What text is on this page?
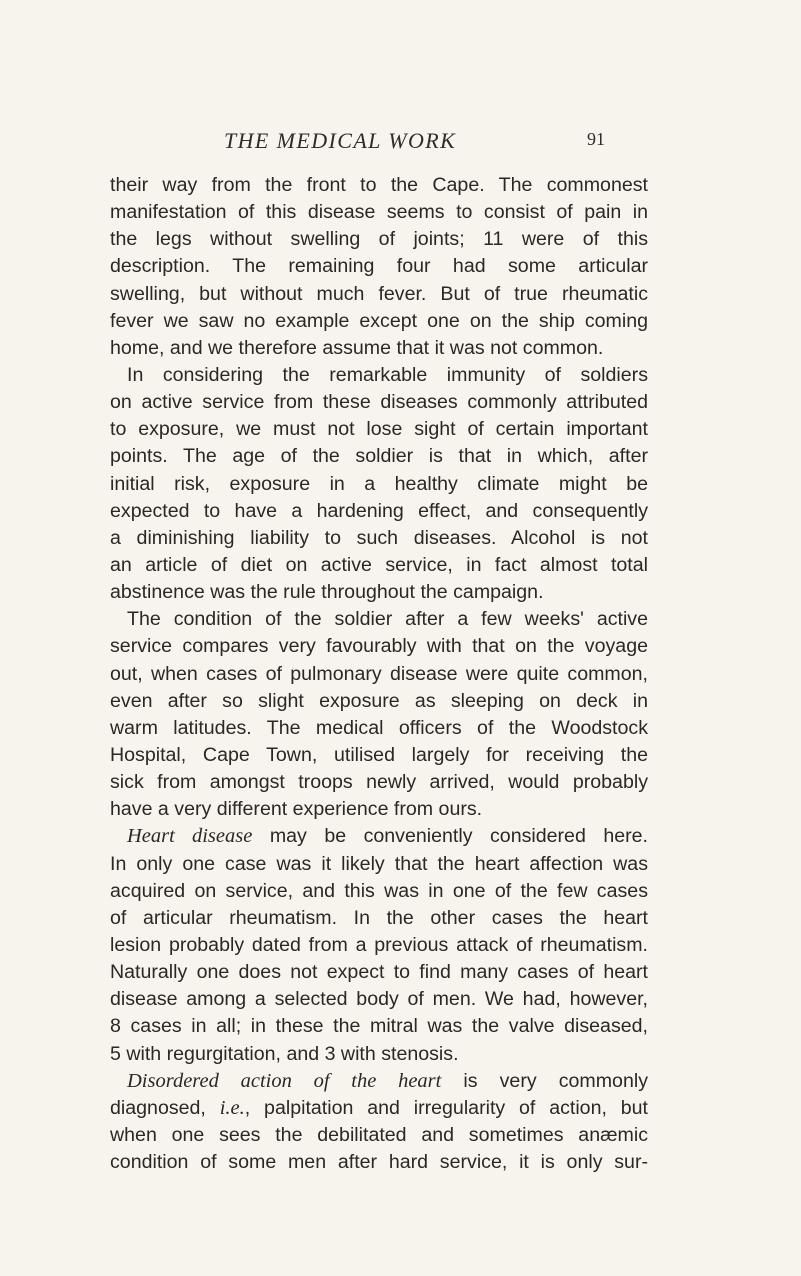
THE MEDICAL WORK	91
their way from the front to the Cape. The commonest
manifestation of this disease seems to consist of pain in
the legs without swelling of joints; 11 were of this
description. The remaining four had some articular
swelling, but without much fever. But of true rheumatic
fever we saw no example except one on the ship coming
home, and we therefore assume that it was not common.
In considering the remarkable immunity of soldiers
on active service from these diseases commonly attributed
to exposure, we must not lose sight of certain important
points. The age of the soldier is that in which, after
initial risk, exposure in a healthy climate might be
expected to have a hardening effect, and consequently
a diminishing liability to such diseases. Alcohol is not
an article of diet on active service, in fact almost total
abstinence was the rule throughout the campaign.
The condition of the soldier after a few weeks' active
service compares very favourably with that on the voyage
out, when cases of pulmonary disease were quite common,
even after so slight exposure as sleeping on deck in
warm latitudes. The medical officers of the Woodstock
Hospital, Cape Town, utilised largely for receiving the
sick from amongst troops newly arrived, would probably
have a very different experience from ours.
Heart disease may be conveniently considered here.
In only one case was it likely that the heart affection was
acquired on service, and this was in one of the few cases
of articular rheumatism. In the other cases the heart
lesion probably dated from a previous attack of rheumatism.
Naturally one does not expect to find many cases of heart
disease among a selected body of men. We had, however,
8 cases in all; in these the mitral was the valve diseased,
5 with regurgitation, and 3 with stenosis.
Disordered action of the heart is very commonly
diagnosed, i.e., palpitation and irregularity of action, but
when one sees the debilitated and sometimes anæmic
condition of some men after hard service, it is only sur-
